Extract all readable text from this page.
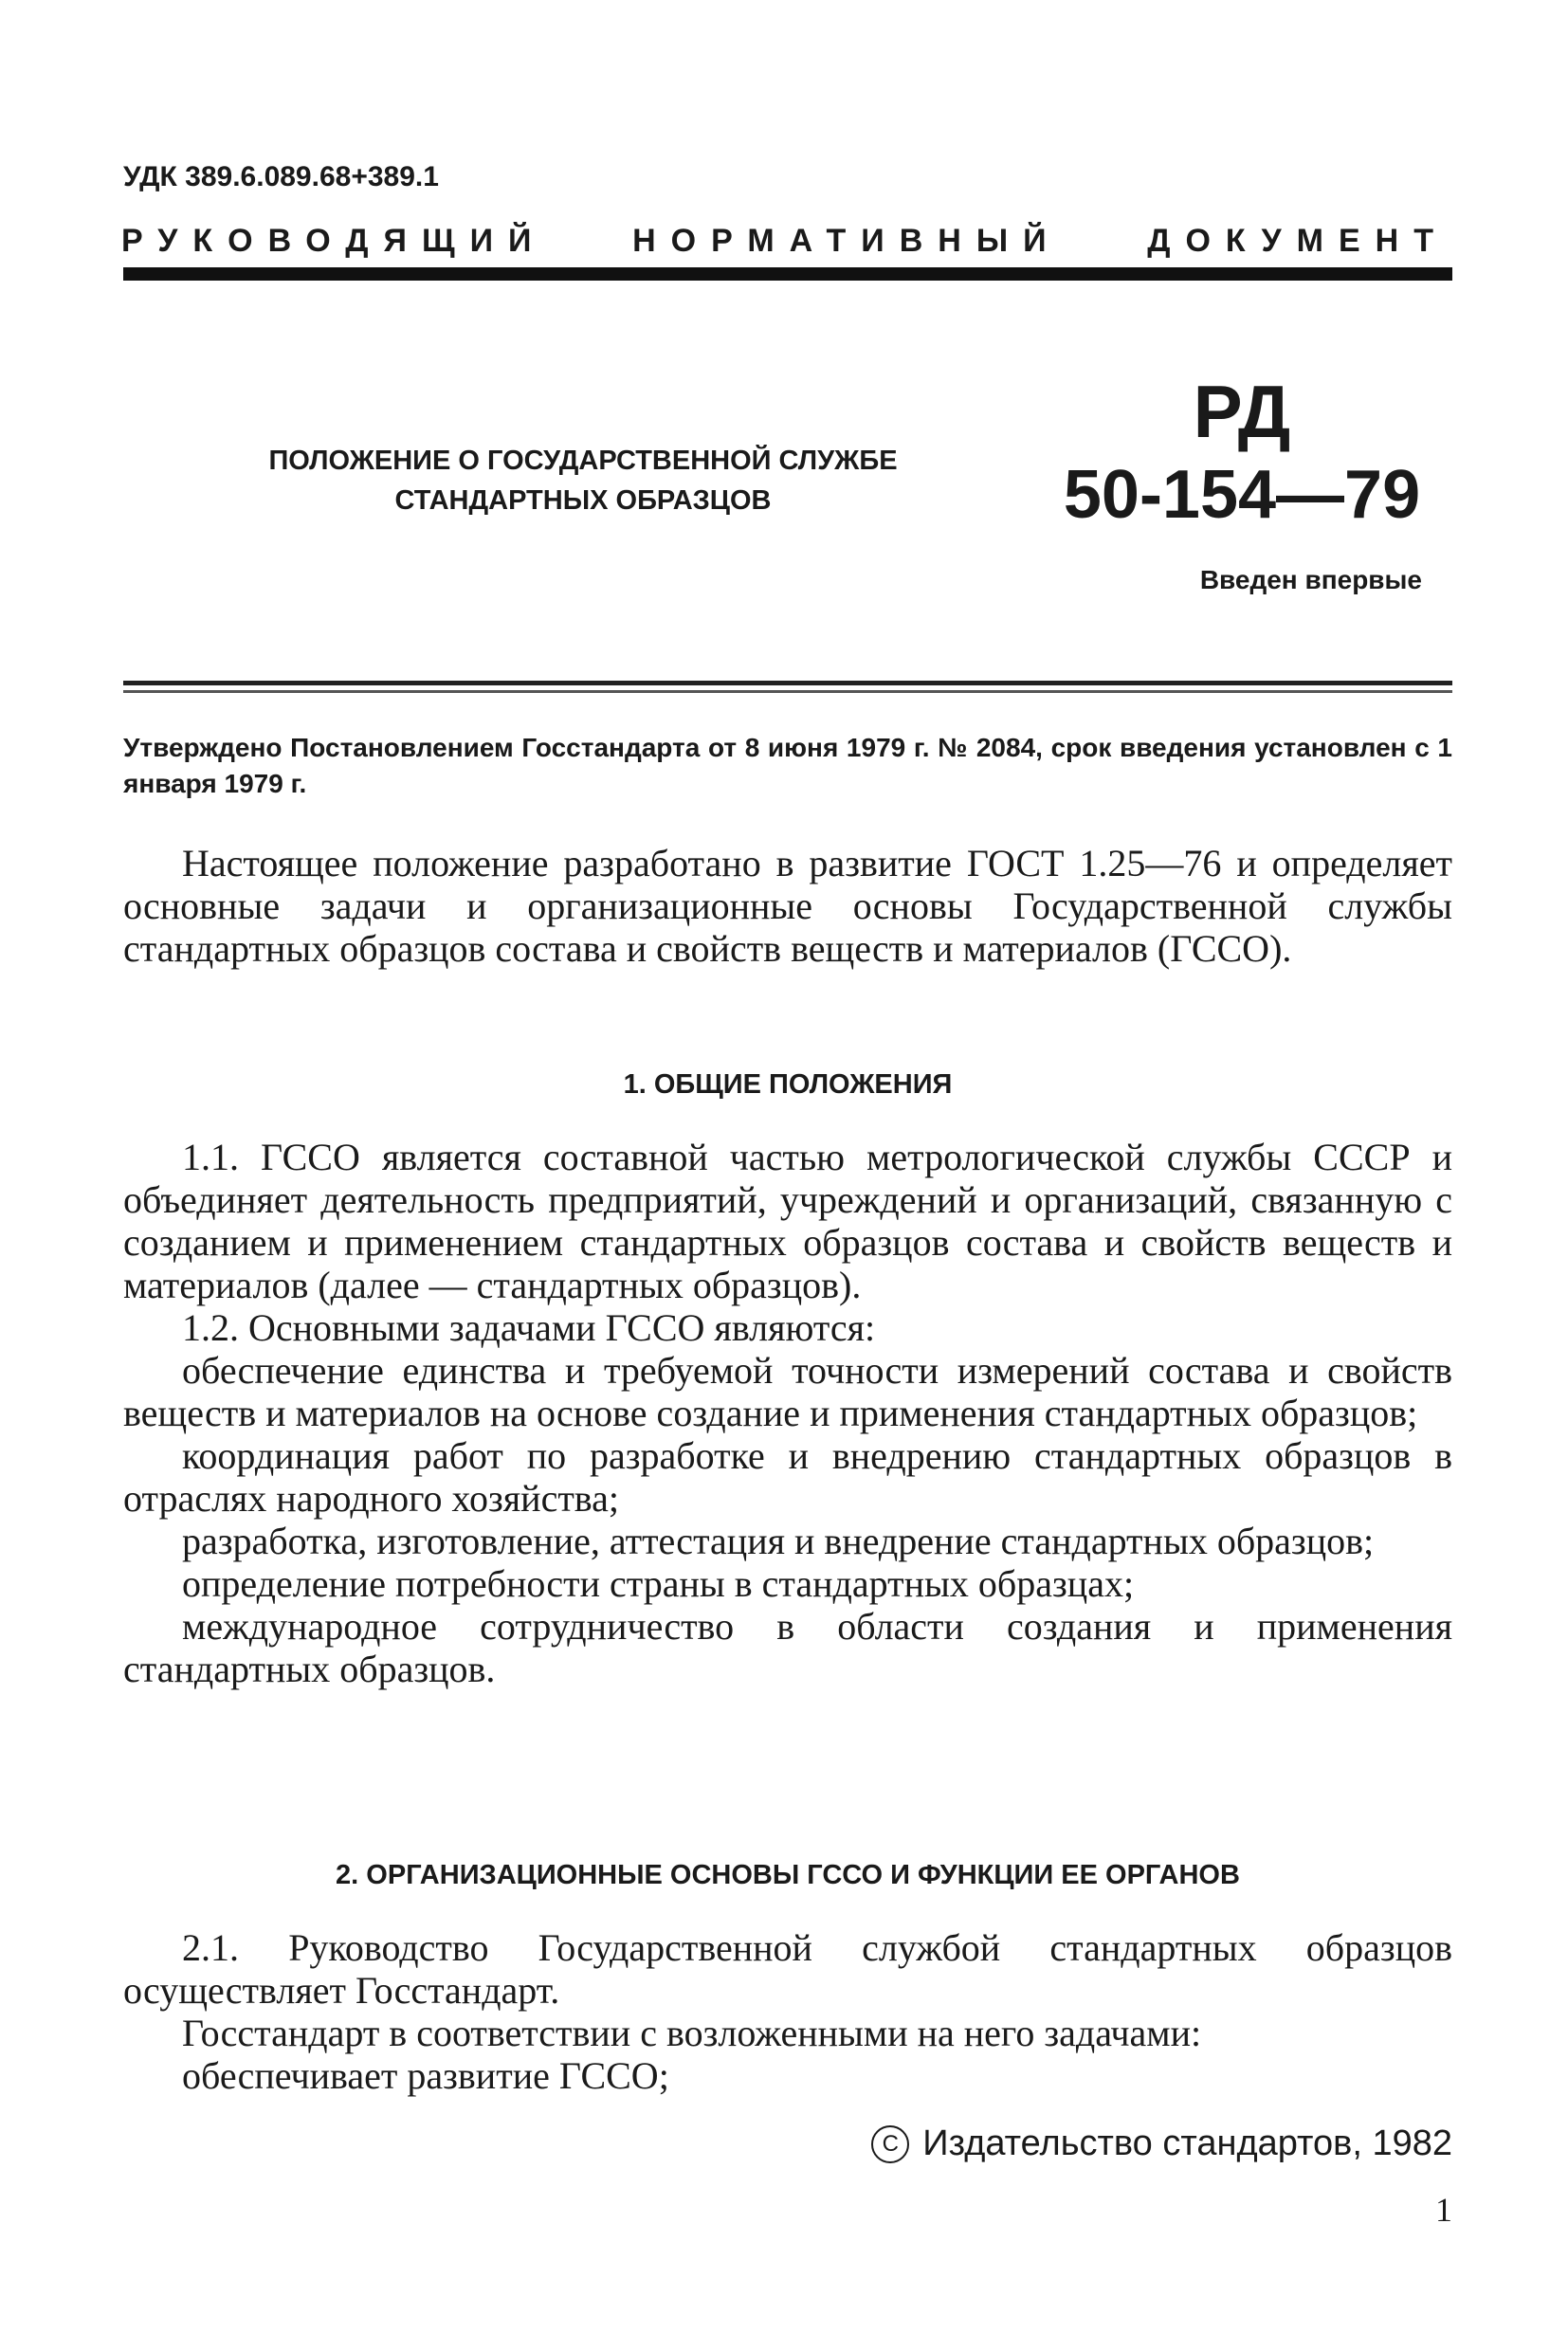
УДК 389.6.089.68+389.1
РУКОВОДЯЩИЙ	НОРМАТИВНЫЙ	ДОКУМЕНТ
ПОЛОЖЕНИЕ О ГОСУДАРСТВЕННОЙ СЛУЖБЕ
СТАНДАРТНЫХ ОБРАЗЦОВ
РД
50-154—79
Введен впервые
Утверждено Постановлением Госстандарта от 8 июня 1979 г. № 2084, срок введения установлен с 1 января 1979 г.
Настоящее положение разработано в развитие ГОСТ 1.25—76 и определяет основные задачи и организационные основы Государственной службы стандартных образцов состава и свойств веществ и материалов (ГССО).
1. ОБЩИЕ ПОЛОЖЕНИЯ

1.1. ГССО является составной частью метрологической службы СССР и объединяет деятельность предприятий, учреждений и организаций, связанную с созданием и применением стандартных образцов состава и свойств веществ и материалов (далее — стандартных образцов).

1.2. Основными задачами ГССО являются:

обеспечение единства и требуемой точности измерений состава и свойств веществ и материалов на основе создание и применения стандартных образцов;

координация работ по разработке и внедрению стандартных образцов в отраслях народного хозяйства;

разработка, изготовление, аттестация и внедрение стандартных образцов;

определение потребности страны в стандартных образцах;

международное сотрудничество в области создания и применения стандартных образцов.

2. ОРГАНИЗАЦИОННЫЕ ОСНОВЫ ГССО И ФУНКЦИИ ЕЕ ОРГАНОВ

2.1. Руководство Государственной службой стандартных образцов осуществляет Госстандарт.

Госстандарт в соответствии с возложенными на него задачами:

обеспечивает развитие ГССО;

C Издательство стандартов, 1982
1
